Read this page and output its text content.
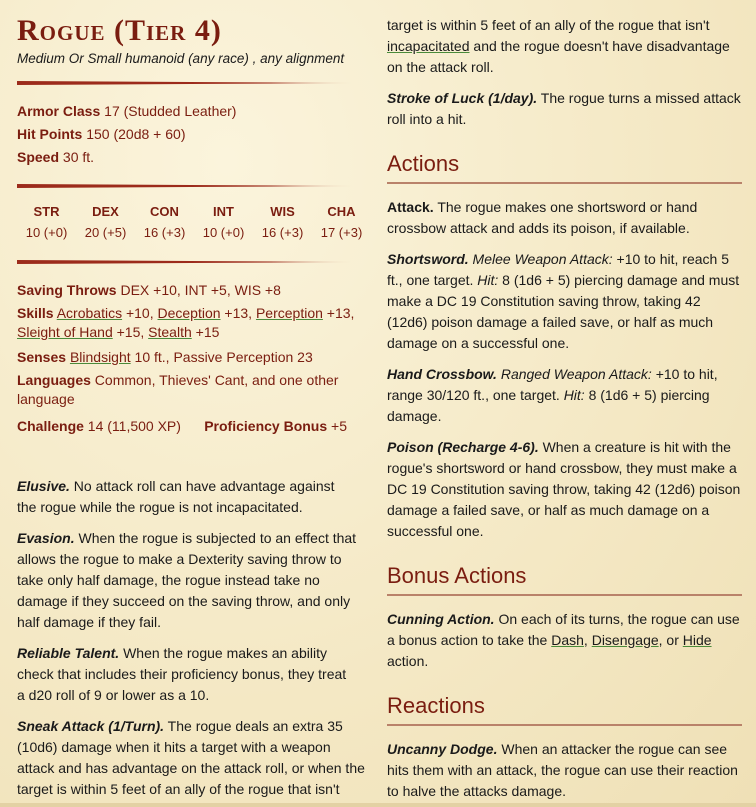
Rogue (Tier 4)
Medium Or Small humanoid (any race) , any alignment
Armor Class 17 (Studded Leather)
Hit Points 150 (20d8 + 60)
Speed 30 ft.
STR
10 (+0)
DEX
20 (+5)
CON
16 (+3)
INT
10 (+0)
WIS
16 (+3)
CHA
17 (+3)
Saving Throws DEX +10, INT +5, WIS +8
Skills Acrobatics +10, Deception +13, Perception +13, Sleight of Hand +15, Stealth +15
Senses Blindsight 10 ft., Passive Perception 23
Languages Common, Thieves' Cant, and one other language
Challenge 14 (11,500 XP) Proficiency Bonus +5

Elusive. No attack roll can have advantage against the rogue while the rogue is not incapacitated.

Evasion. When the rogue is subjected to an effect that allows the rogue to make a Dexterity saving throw to take only half damage, the rogue instead take no damage if they succeed on the saving throw, and only half damage if they fail.

Reliable Talent. When the rogue makes an ability check that includes their proficiency bonus, they treat a d20 roll of 9 or lower as a 10.

Sneak Attack (1/Turn). The rogue deals an extra 35 (10d6) damage when it hits a target with a weapon attack and has advantage on the attack roll, or when the target is within 5 feet of an ally of the rogue that isn't

target is within 5 feet of an ally of the rogue that isn't incapacitated and the rogue doesn't have disadvantage on the attack roll.

Stroke of Luck (1/day). The rogue turns a missed attack roll into a hit.

Actions

Attack. The rogue makes one shortsword or hand crossbow attack and adds its poison, if available.

Shortsword. Melee Weapon Attack: +10 to hit, reach 5 ft., one target. Hit: 8 (1d6 + 5) piercing damage and must make a DC 19 Constitution saving throw, taking 42 (12d6) poison damage a failed save, or half as much damage on a successful one.

Hand Crossbow. Ranged Weapon Attack: +10 to hit, range 30/120 ft., one target. Hit: 8 (1d6 + 5) piercing damage.

Poison (Recharge 4-6). When a creature is hit with the rogue's shortsword or hand crossbow, they must make a DC 19 Constitution saving throw, taking 42 (12d6) poison damage a failed save, or half as much damage on a successful one.

Bonus Actions

Cunning Action. On each of its turns, the rogue can use a bonus action to take the Dash, Disengage, or Hide action.

Reactions

Uncanny Dodge. When an attacker the rogue can see hits them with an attack, the rogue can use their reaction to halve the attacks damage.
